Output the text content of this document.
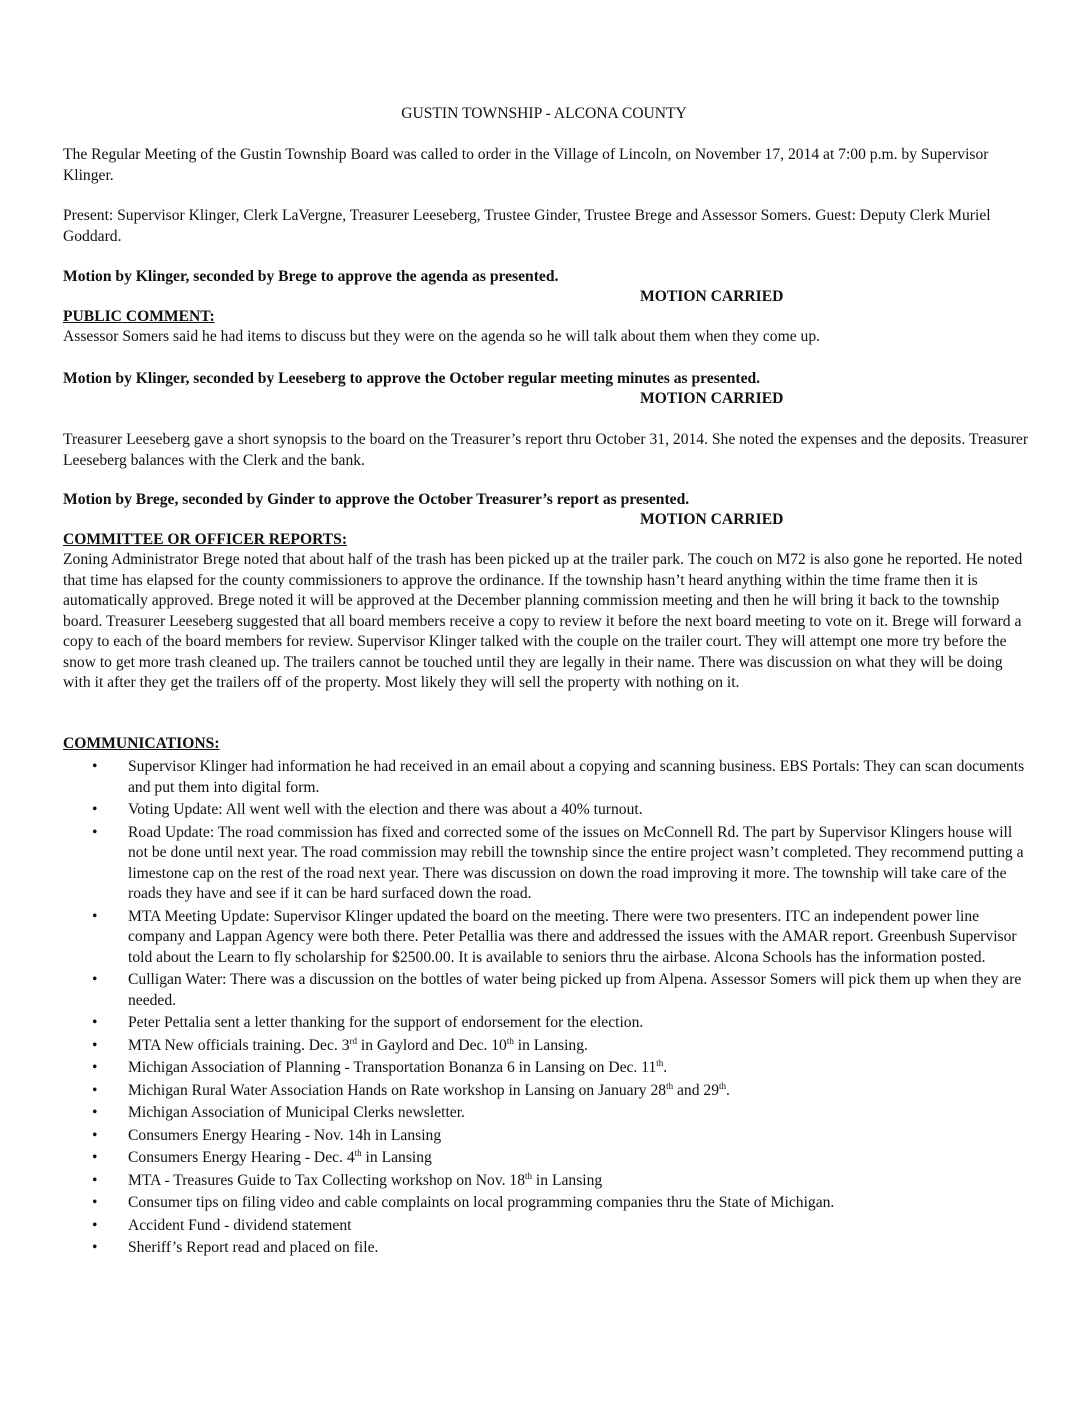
GUSTIN TOWNSHIP - ALCONA COUNTY

The Regular Meeting of the Gustin Township Board was called to order in the Village of Lincoln, on November 17, 2014 at 7:00 p.m. by Supervisor Klinger.

Present: Supervisor Klinger, Clerk LaVergne, Treasurer Leeseberg, Trustee Ginder, Trustee Brege and Assessor Somers. Guest: Deputy Clerk Muriel Goddard.

Motion by Klinger, seconded by Brege to approve the agenda as presented.
MOTION CARRIED
PUBLIC COMMENT:
Assessor Somers said he had items to discuss but they were on the agenda so he will talk about them when they come up.
Motion by Klinger, seconded by Leeseberg to approve the October regular meeting minutes as presented.
MOTION CARRIED

Treasurer Leeseberg gave a short synopsis to the board on the Treasurer’s report thru October 31, 2014. She noted the expenses and the deposits. Treasurer Leeseberg balances with the Clerk and the bank.

Motion by Brege, seconded by Ginder to approve the October Treasurer’s report as presented.
MOTION CARRIED
COMMITTEE OR OFFICER REPORTS:

Zoning Administrator Brege noted that about half of the trash has been picked up at the trailer park. The couch on M72 is also gone he reported. He noted that time has elapsed for the county commissioners to approve the ordinance. If the township hasn’t heard anything within the time frame then it is automatically approved. Brege noted it will be approved at the December planning commission meeting and then he will bring it back to the township board. Treasurer Leeseberg suggested that all board members receive a copy to review it before the next board meeting to vote on it. Brege will forward a copy to each of the board members for review. Supervisor Klinger talked with the couple on the trailer court. They will attempt one more try before the snow to get more trash cleaned up. The trailers cannot be touched until they are legally in their name. There was discussion on what they will be doing with it after they get the trailers off of the property. Most likely they will sell the property with nothing on it.

COMMUNICATIONS:
• Supervisor Klinger had information he had received in an email about a copying and scanning business. EBS Portals: They can scan documents and put them into digital form.
• Voting Update: All went well with the election and there was about a 40% turnout.
• Road Update: The road commission has fixed and corrected some of the issues on McConnell Rd. The part by Supervisor Klingers house will not be done until next year. The road commission may rebill the township since the entire project wasn’t completed. They recommend putting a limestone cap on the rest of the road next year. There was discussion on down the road improving it more. The township will take care of the roads they have and see if it can be hard surfaced down the road.
• MTA Meeting Update: Supervisor Klinger updated the board on the meeting. There were two presenters. ITC an independent power line company and Lappan Agency were both there. Peter Petallia was there and addressed the issues with the AMAR report. Greenbush Supervisor told about the Learn to fly scholarship for $2500.00. It is available to seniors thru the airbase. Alcona Schools has the information posted.
• Culligan Water: There was a discussion on the bottles of water being picked up from Alpena. Assessor Somers will pick them up when they are needed.
• Peter Pettalia sent a letter thanking for the support of endorsement for the election.
• MTA New officials training. Dec. 3rd in Gaylord and Dec. 10th in Lansing.
• Michigan Association of Planning - Transportation Bonanza 6 in Lansing on Dec. 11th.
• Michigan Rural Water Association Hands on Rate workshop in Lansing on January 28th and 29th.
• Michigan Association of Municipal Clerks newsletter.
• Consumers Energy Hearing - Nov. 14h in Lansing
• Consumers Energy Hearing - Dec. 4th in Lansing
• MTA - Treasures Guide to Tax Collecting workshop on Nov. 18th in Lansing
• Consumer tips on filing video and cable complaints on local programming companies thru the State of Michigan.
• Accident Fund - dividend statement
• Sheriff’s Report read and placed on file.
